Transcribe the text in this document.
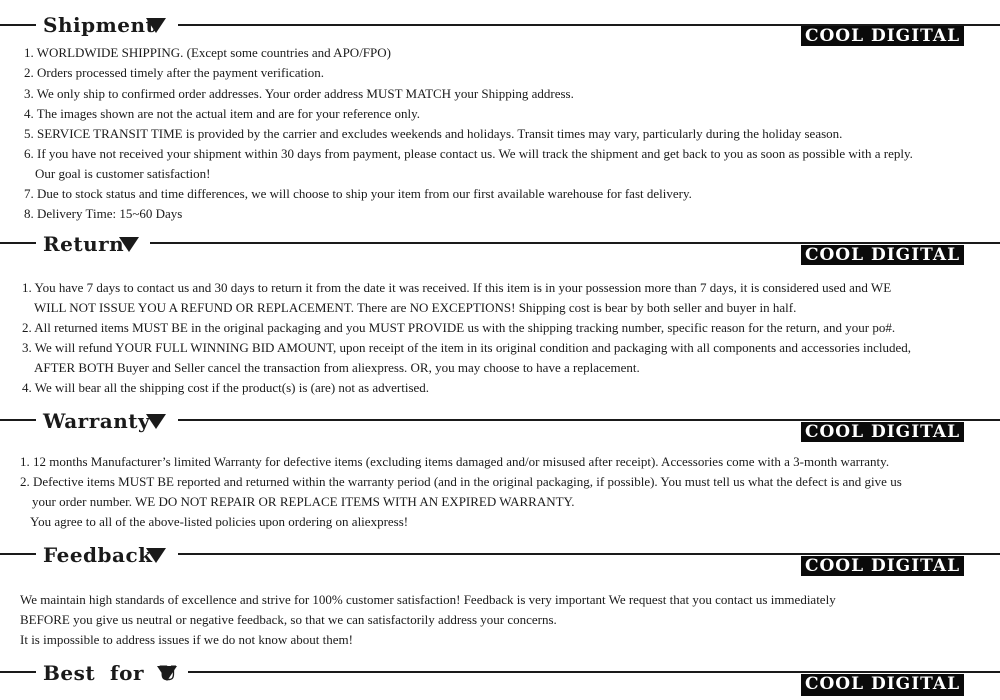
Shipment	COOL DIGITAL
1. WORLDWIDE SHIPPING. (Except some countries and APO/FPO)
2. Orders processed timely after the payment verification.
3. We only ship to confirmed order addresses. Your order address MUST MATCH your Shipping address.
4. The images shown are not the actual item and are for your reference only.
5. SERVICE TRANSIT TIME is provided by the carrier and excludes weekends and holidays. Transit times may vary, particularly during the holiday season.
6. If you have not received your shipment within 30 days from payment, please contact us. We will track the shipment and get back to you as soon as possible with a reply.
Our goal is customer satisfaction!
7. Due to stock status and time differences, we will choose to ship your item from our first available warehouse for fast delivery.
8. Delivery Time: 15~60 Days
Return	COOL DIGITAL
1. You have 7 days to contact us and 30 days to return it from the date it was received. If this item is in your possession more than 7 days, it is considered used and WE
WILL NOT ISSUE YOU A REFUND OR REPLACEMENT. There are NO EXCEPTIONS! Shipping cost is bear by both seller and buyer in half.
2. All returned items MUST BE in the original packaging and you MUST PROVIDE us with the shipping tracking number, specific reason for the return, and your po#.
3. We will refund YOUR FULL WINNING BID AMOUNT, upon receipt of the item in its original condition and packaging with all components and accessories included,
AFTER BOTH Buyer and Seller cancel the transaction from aliexpress. OR, you may choose to have a replacement.
4. We will bear all the shipping cost if the product(s) is (are) not as advertised.
Warranty	COOL DIGITAL
1. 12 months Manufacturer’s limited Warranty for defective items (excluding items damaged and/or misused after receipt). Accessories come with a 3-month warranty.
2. Defective items MUST BE reported and returned within the warranty period (and in the original packaging, if possible). You must tell us what the defect is and give us
your order number. WE DO NOT REPAIR OR REPLACE ITEMS WITH AN EXPIRED WARRANTY.
You agree to all of the above-listed policies upon ordering on aliexpress!
Feedback	COOL DIGITAL
We maintain high standards of excellence and strive for 100% customer satisfaction! Feedback is very important We request that you contact us immediately
BEFORE you give us neutral or negative feedback, so that we can satisfactorily address your concerns.
It is impossible to address issues if we do not know about them!
Best  for  U	COOL DIGITAL
